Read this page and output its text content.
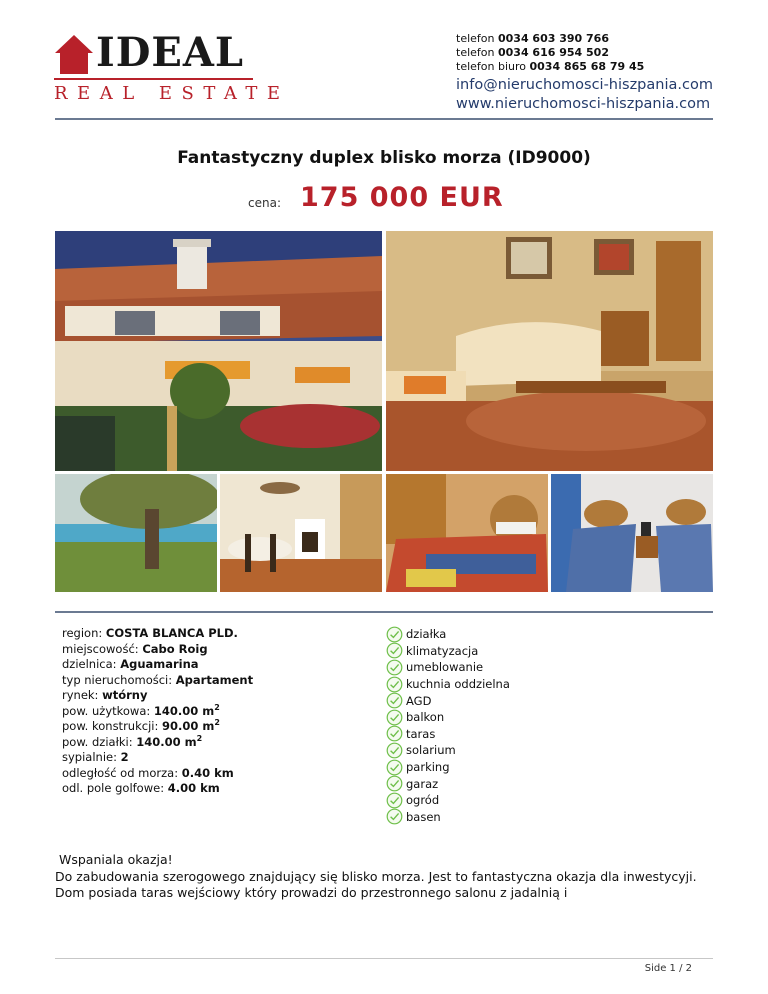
IDEAL
REAL ESTATE
telefon 0034 603 390 766
telefon 0034 616 954 502
telefon biuro 0034 865 68 79 45
info@nieruchomosci-hiszpania.com
www.nieruchomosci-hiszpania.com
Fantastyczny duplex blisko morza (ID9000)
cena: 175 000 EUR
region: COSTA BLANCA PLD.
miejscowość: Cabo Roig
dzielnica: Aguamarina
typ nieruchomości: Apartament
rynek: wtórny
pow. użytkowa: 140.00 $m^2$
pow. konstrukcji: 90.00 $m^2$
pow. działki: 140.00 $m^2$
sypialnie: 2
odległość od morza: 0.40 km
odl. pole golfowe: 4.00 km
działka
klimatyzacja
umeblowanie
kuchnia oddzielna
AGD
balkon
taras
solarium
parking
garaz
ogród
basen
Wspaniala okazja!
Do zabudowania szerogowego znajdujący się blisko morza. Jest to fantastyczna okazja dla inwestycyji. Dom posiada taras wejściowy który prowadzi do przestronnego salonu z jadalnią i
Side 1 / 2
